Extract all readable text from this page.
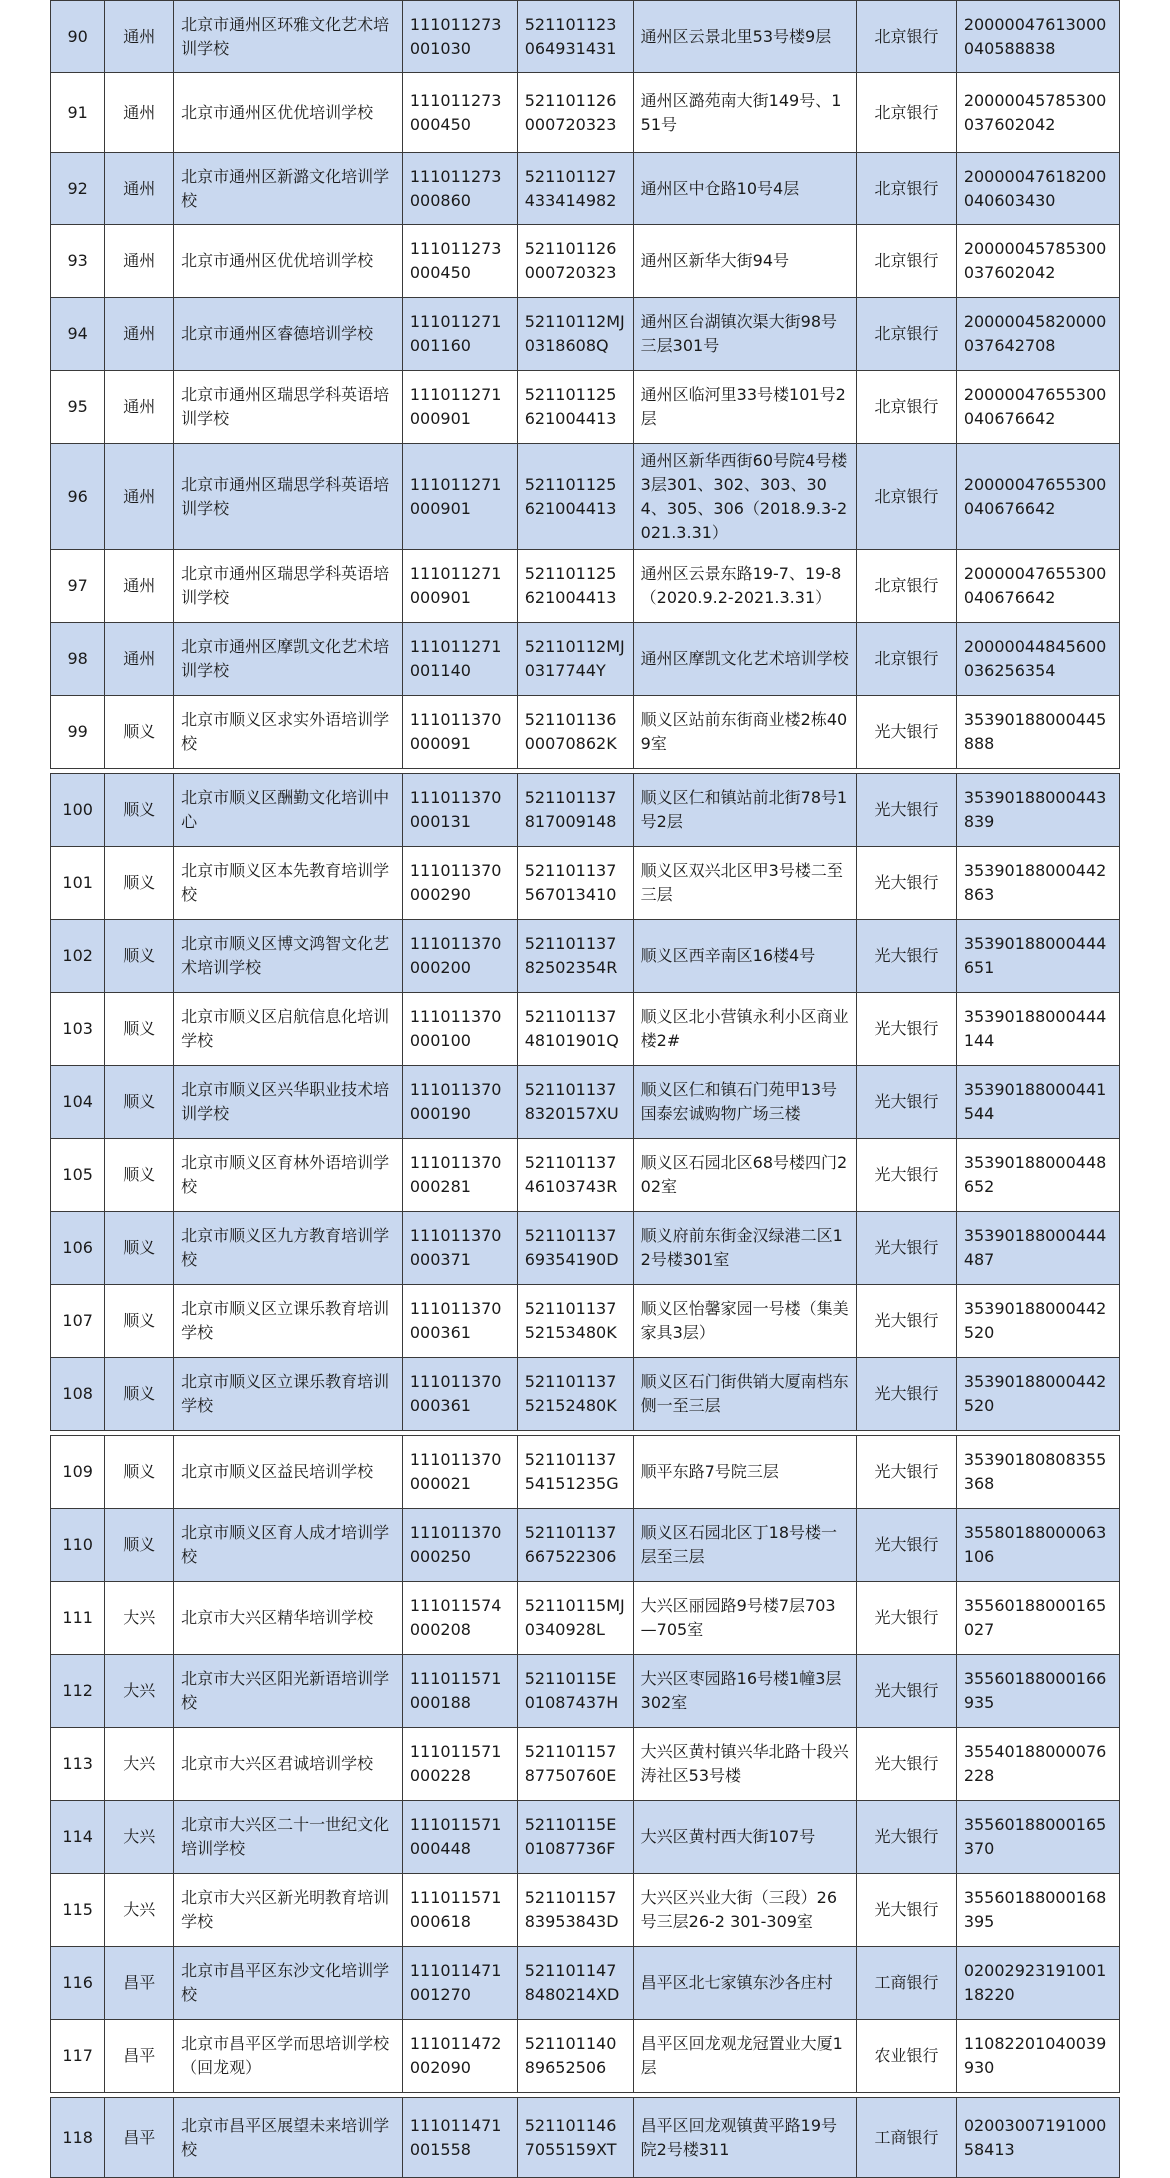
90	通州	北京市通州区环雅文化艺术培训学校	111011273001030	521101123064931431	通州区云景北里53号楼9层	北京银行	20000047613000040588838
91	通州	北京市通州区优优培训学校	111011273000450	521101126000720323	通州区潞苑南大街149号、151号	北京银行	20000045785300037602042
92	通州	北京市通州区新潞文化培训学校	111011273000860	521101127433414982	通州区中仓路10号4层	北京银行	20000047618200040603430
93	通州	北京市通州区优优培训学校	111011273000450	521101126000720323	通州区新华大街94号	北京银行	20000045785300037602042
94	通州	北京市通州区睿德培训学校	111011271001160	52110112MJ0318608Q	通州区台湖镇次渠大街98号三层301号	北京银行	20000045820000037642708
95	通州	北京市通州区瑞思学科英语培训学校	111011271000901	521101125621004413	通州区临河里33号楼101号2层	北京银行	20000047655300040676642
96	通州	北京市通州区瑞思学科英语培训学校	111011271000901	521101125621004413	通州区新华西街60号院4号楼3层301、302、303、304、305、306（2018.9.3-2021.3.31）	北京银行	20000047655300040676642
97	通州	北京市通州区瑞思学科英语培训学校	111011271000901	521101125621004413	通州区云景东路19-7、19-8（2020.9.2-2021.3.31）	北京银行	20000047655300040676642
98	通州	北京市通州区摩凯文化艺术培训学校	111011271001140	52110112MJ0317744Y	通州区摩凯文化艺术培训学校	北京银行	20000044845600036256354
99	顺义	北京市顺义区求实外语培训学校	111011370000091	52110113600070862K	顺义区站前东街商业楼2栋409室	光大银行	35390188000445888

100	顺义	北京市顺义区酬勤文化培训中心	111011370000131	521101137817009148	顺义区仁和镇站前北街78号1号2层	光大银行	35390188000443839
101	顺义	北京市顺义区本先教育培训学校	111011370000290	521101137567013410	顺义区双兴北区甲3号楼二至三层	光大银行	35390188000442863
102	顺义	北京市顺义区博文鸿智文化艺术培训学校	111011370000200	52110113782502354R	顺义区西辛南区16楼4号	光大银行	35390188000444651
103	顺义	北京市顺义区启航信息化培训学校	111011370000100	52110113748101901Q	顺义区北小营镇永利小区商业楼2#	光大银行	35390188000444144
104	顺义	北京市顺义区兴华职业技术培训学校	111011370000190	5211011378320157XU	顺义区仁和镇石门苑甲13号国泰宏诚购物广场三楼	光大银行	35390188000441544
105	顺义	北京市顺义区育林外语培训学校	111011370000281	52110113746103743R	顺义区石园北区68号楼四门202室	光大银行	35390188000448652
106	顺义	北京市顺义区九方教育培训学校	111011370000371	52110113769354190D	顺义府前东街金汉绿港二区12号楼301室	光大银行	35390188000444487
107	顺义	北京市顺义区立课乐教育培训学校	111011370000361	52110113752153480K	顺义区怡馨家园一号楼（集美家具3层）	光大银行	35390188000442520
108	顺义	北京市顺义区立课乐教育培训学校	111011370000361	52110113752152480K	顺义区石门街供销大厦南档东侧一至三层	光大银行	35390188000442520

109	顺义	北京市顺义区益民培训学校	111011370000021	52110113754151235G	顺平东路7号院三层	光大银行	35390180808355368
110	顺义	北京市顺义区育人成才培训学校	111011370000250	521101137667522306	顺义区石园北区丁18号楼一层至三层	光大银行	35580188000063106
111	大兴	北京市大兴区精华培训学校	111011574000208	52110115MJ0340928L	大兴区丽园路9号楼7层703—705室	光大银行	35560188000165027
112	大兴	北京市大兴区阳光新语培训学校	111011571000188	52110115E01087437H	大兴区枣园路16号楼1幢3层302室	光大银行	35560188000166935
113	大兴	北京市大兴区君诚培训学校	111011571000228	52110115787750760E	大兴区黄村镇兴华北路十段兴涛社区53号楼	光大银行	35540188000076228
114	大兴	北京市大兴区二十一世纪文化培训学校	111011571000448	52110115E01087736F	大兴区黄村西大街107号	光大银行	35560188000165370
115	大兴	北京市大兴区新光明教育培训学校	111011571000618	52110115783953843D	大兴区兴业大街（三段）26号三层26-2 301-309室	光大银行	35560188000168395
116	昌平	北京市昌平区东沙文化培训学校	111011471001270	5211011478480214XD	昌平区北七家镇东沙各庄村	工商银行	0200292319100118220
117	昌平	北京市昌平区学而思培训学校（回龙观）	111011472002090	52110114089652506	昌平区回龙观龙冠置业大厦1层	农业银行	11082201040039930

118	昌平	北京市昌平区展望未来培训学校	111011471001558	5211011467055159XT	昌平区回龙观镇黄平路19号院2号楼311	工商银行	0200300719100058413
